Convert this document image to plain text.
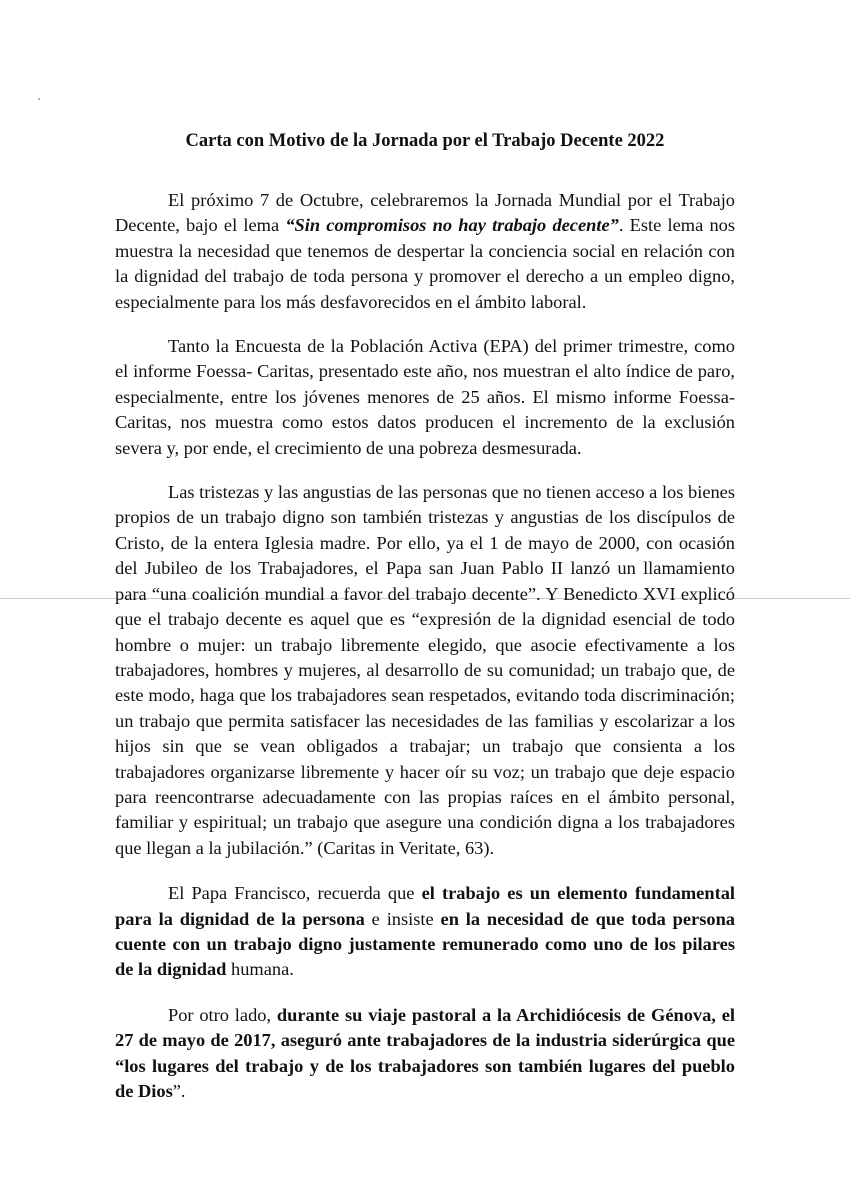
Carta con Motivo de la Jornada por el Trabajo Decente 2022

El próximo 7 de Octubre, celebraremos la Jornada Mundial por el Trabajo Decente, bajo el lema “Sin compromisos no hay trabajo decente”. Este lema nos muestra la necesidad que tenemos de despertar la conciencia social en relación con la dignidad del trabajo de toda persona y promover el derecho a un empleo digno, especialmente para los más desfavorecidos en el ámbito laboral.

Tanto la Encuesta de la Población Activa (EPA) del primer trimestre, como el informe Foessa- Caritas, presentado este año, nos muestran el alto índice de paro, especialmente, entre los jóvenes menores de 25 años. El mismo informe Foessa-Caritas, nos muestra como estos datos producen el incremento de la exclusión severa y, por ende, el crecimiento de una pobreza desmesurada.

Las tristezas y las angustias de las personas que no tienen acceso a los bienes propios de un trabajo digno son también tristezas y angustias de los discípulos de Cristo, de la entera Iglesia madre. Por ello, ya el 1 de mayo de 2000, con ocasión del Jubileo de los Trabajadores, el Papa san Juan Pablo II lanzó un llamamiento para “una coalición mundial a favor del trabajo decente”. Y Benedicto XVI explicó que el trabajo decente es aquel que es “expresión de la dignidad esencial de todo hombre o mujer: un trabajo libremente elegido, que asocie efectivamente a los trabajadores, hombres y mujeres, al desarrollo de su comunidad; un trabajo que, de este modo, haga que los trabajadores sean respetados, evitando toda discriminación; un trabajo que permita satisfacer las necesidades de las familias y escolarizar a los hijos sin que se vean obligados a trabajar; un trabajo que consienta a los trabajadores organizarse libremente y hacer oír su voz; un trabajo que deje espacio para reencontrarse adecuadamente con las propias raíces en el ámbito personal, familiar y espiritual; un trabajo que asegure una condición digna a los trabajadores que llegan a la jubilación.” (Caritas in Veritate, 63).

El Papa Francisco, recuerda que el trabajo es un elemento fundamental para la dignidad de la persona e insiste en la necesidad de que toda persona cuente con un trabajo digno justamente remunerado como uno de los pilares de la dignidad humana.

Por otro lado, durante su viaje pastoral a la Archidiócesis de Génova, el 27 de mayo de 2017, aseguró ante trabajadores de la industria siderúrgica que “los lugares del trabajo y de los trabajadores son también lugares del pueblo de Dios”.
